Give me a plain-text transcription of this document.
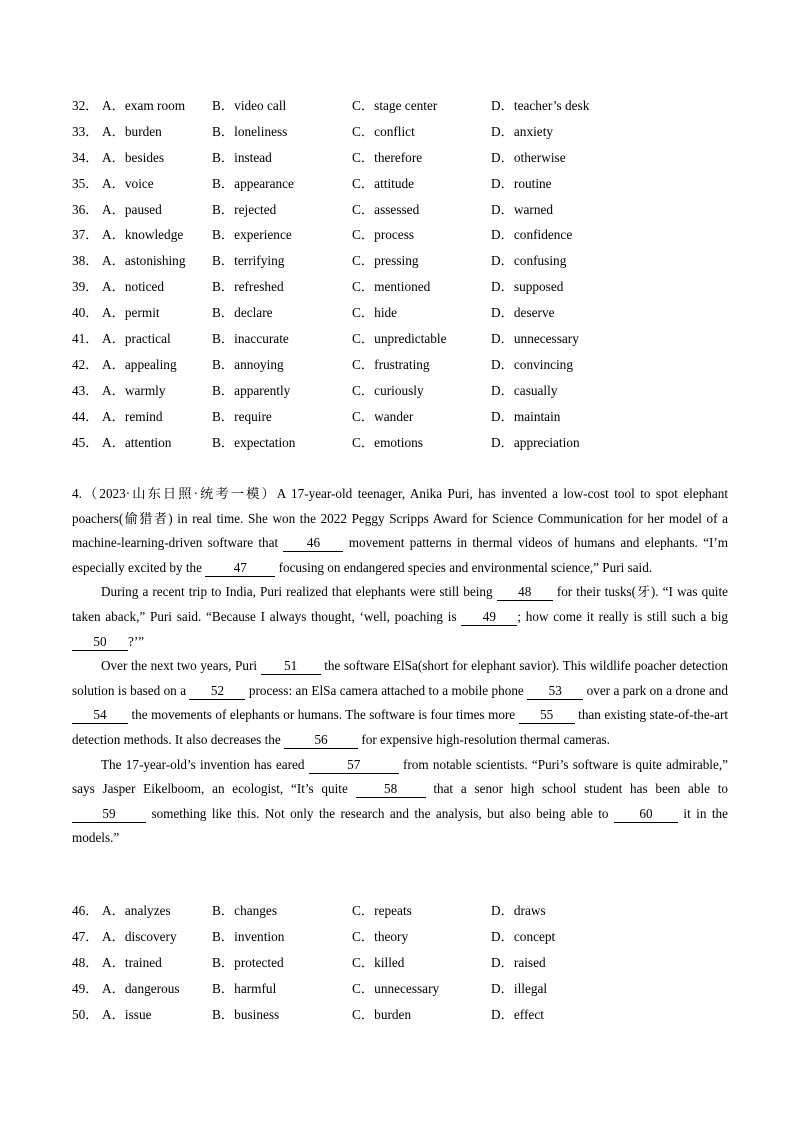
32． A．exam room B．video call	C．stage center	D．teacher’s desk
33． A．burden	B．loneliness	C．conflict	D．anxiety
34． A．besides	B．instead	C．therefore	D．otherwise
35． A．voice	B．appearance	C．attitude	D．routine
36． A．paused	B．rejected	C．assessed	D．warned
37． A．knowledge B．experience	C．process	D．confidence
38． A．astonishing B．terrifying	C．pressing	D．confusing
39． A．noticed	B．refreshed	C．mentioned	D．supposed
40． A．permit	B．declare	C．hide	D．deserve
41． A．practical	B．inaccurate	C．unpredictable	D．unnecessary
42． A．appealing	B．annoying	C．frustrating	D．convincing
43． A．warmly	B．apparently	C．curiously	D．casually
44． A．remind	B．require	C．wander	D．maintain
45． A．attention	B．expectation	C．emotions	D．appreciation

4.（2023·山东日照·统考一模）A 17-year-old teenager, Anika Puri, has invented a low-cost tool to spot elephant poachers(偷猎者) in real time. She won the 2022 Peggy Scripps Award for Science Communication for her model of a machine-learning-driven software that 46 movement patterns in thermal videos of humans and elephants. “I’m especially excited by the 47 focusing on endangered species and environmental science,” Puri said.

During a recent trip to India, Puri realized that elephants were still being 48 for their tusks(牙). “I was quite taken aback,” Puri said. “Because I always thought, ‘well, poaching is 49 ; how come it really is still such a big 50 ?’”

Over the next two years, Puri 51 the software ElSa(short for elephant savior). This wildlife poacher detection solution is based on a 52 process: an ElSa camera attached to a mobile phone 53 over a park on a drone and 54 the movements of elephants or humans. The software is four times more 55 than existing state-of-the-art detection methods. It also decreases the 56 for expensive high-resolution thermal cameras.

The 17-year-old’s invention has eared	57	from notable scientists. “Puri’s software is quite admirable,” says Jasper Eikelboom, an ecologist, “It’s quite 58 that a senor high school student has been able to 59 something like this. Not only the research and the analysis, but also being able to 60 it in the models.”

46． A．analyzes	B．changes	C．repeats	D．draws
47． A．discovery	B．invention	C．theory	D．concept
48． A．trained	B．protected	C．killed	D．raised
49． A．dangerous B．harmful	C．unnecessary	D．illegal
50． A．issue	B．business	C．burden	D．effect
